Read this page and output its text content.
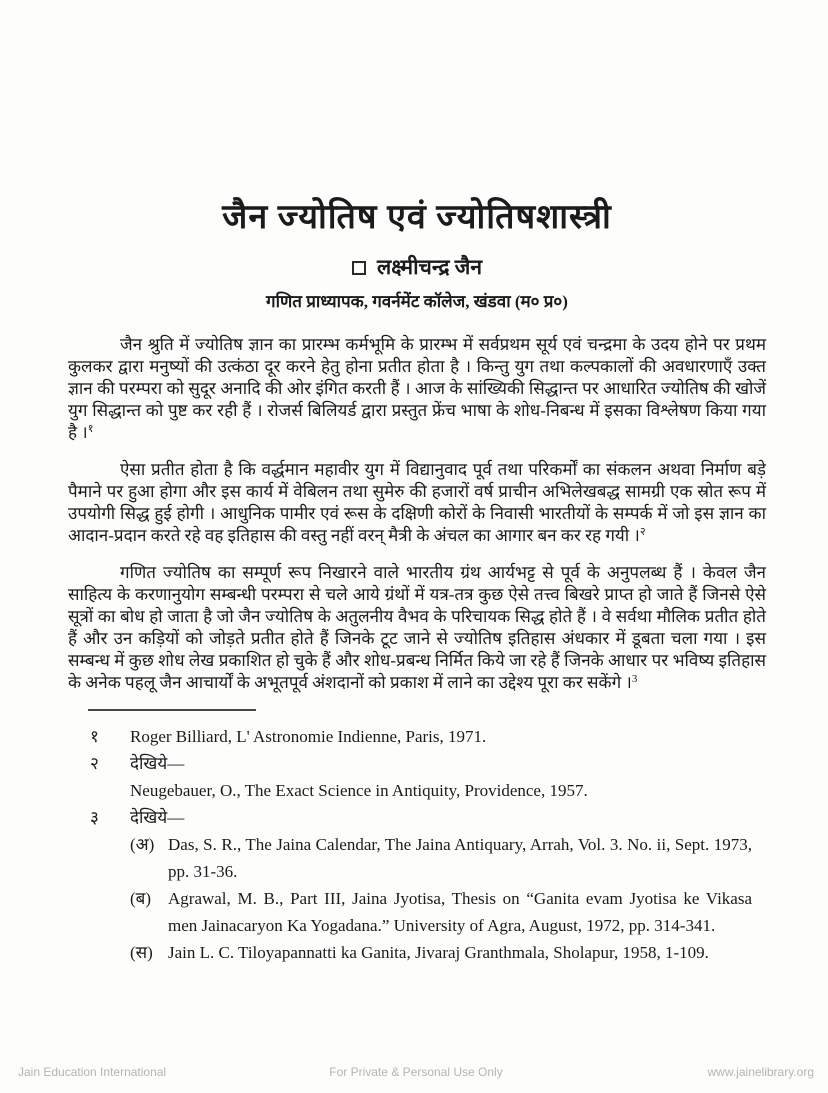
जैन ज्योतिष एवं ज्योतिषशास्त्री
लक्ष्मीचन्द्र जैन
गणित प्राध्यापक, गवर्नमेंट कॉलेज, खंडवा (म० प्र०)

जैन श्रुति में ज्योतिष ज्ञान का प्रारम्भ कर्मभूमि के प्रारम्भ में सर्वप्रथम सूर्य एवं चन्द्रमा के उदय होने पर प्रथम कुलकर द्वारा मनुष्यों की उत्कंठा दूर करने हेतु होना प्रतीत होता है । किन्तु युग तथा कल्पकालों की अवधारणाएँ उक्त ज्ञान की परम्परा को सुदूर अनादि की ओर इंगित करती हैं । आज के सांख्यिकी सिद्धान्त पर आधारित ज्योतिष की खोजें युग सिद्धान्त को पुष्ट कर रही हैं । रोजर्स बिलियर्ड द्वारा प्रस्तुत फ्रेंच भाषा के शोध-निबन्ध में इसका विश्लेषण किया गया है ।$^१$

ऐसा प्रतीत होता है कि वर्द्धमान महावीर युग में विद्यानुवाद पूर्व तथा परिकर्मों का संकलन अथवा निर्माण बड़े पैमाने पर हुआ होगा और इस कार्य में वेबिलन तथा सुमेरु की हजारों वर्ष प्राचीन अभिलेखबद्ध सामग्री एक स्रोत रूप में उपयोगी सिद्ध हुई होगी । आधुनिक पामीर एवं रूस के दक्षिणी कोरों के निवासी भारतीयों के सम्पर्क में जो इस ज्ञान का आदान-प्रदान करते रहे वह इतिहास की वस्तु नहीं वरन् मैत्री के अंचल का आगार बन कर रह गयी ।$^२$

गणित ज्योतिष का सम्पूर्ण रूप निखारने वाले भारतीय ग्रंथ आर्यभट्ट से पूर्व के अनुपलब्ध हैं । केवल जैन साहित्य के करणानुयोग सम्बन्धी परम्परा से चले आये ग्रंथों में यत्र-तत्र कुछ ऐसे तत्त्व बिखरे प्राप्त हो जाते हैं जिनसे ऐसे सूत्रों का बोध हो जाता है जो जैन ज्योतिष के अतुलनीय वैभव के परिचायक सिद्ध होते हैं । वे सर्वथा मौलिक प्रतीत होते हैं और उन कड़ियों को जोड़ते प्रतीत होते हैं जिनके टूट जाने से ज्योतिष इतिहास अंधकार में डूबता चला गया । इस सम्बन्ध में कुछ शोध लेख प्रकाशित हो चुके हैं और शोध-प्रबन्ध निर्मित किये जा रहे हैं जिनके आधार पर भविष्य इतिहास के अनेक पहलू जैन आचार्यों के अभूतपूर्व अंशदानों को प्रकाश में लाने का उद्देश्य पूरा कर सकेंगे ।$^3$

१	Roger Billiard, L' Astronomie Indienne, Paris, 1971.
२	देखिये—
Neugebauer, O., The Exact Science in Antiquity, Providence, 1957.
३	देखिये—
(अ) Das, S. R., The Jaina Calendar, The Jaina Antiquary, Arrah, Vol. 3. No. ii, Sept. 1973, pp. 31-36.
(ब) Agrawal, M. B., Part III, Jaina Jyotisa, Thesis on “Ganita evam Jyotisa ke Vikasa men Jainacaryon Ka Yogadana.” University of Agra, August, 1972, pp. 314-341.
(स) Jain L. C. Tiloyapannatti ka Ganita, Jivaraj Granthmala, Sholapur, 1958, 1-109.
Jain Education International	For Private & Personal Use Only	www.jainelibrary.org
